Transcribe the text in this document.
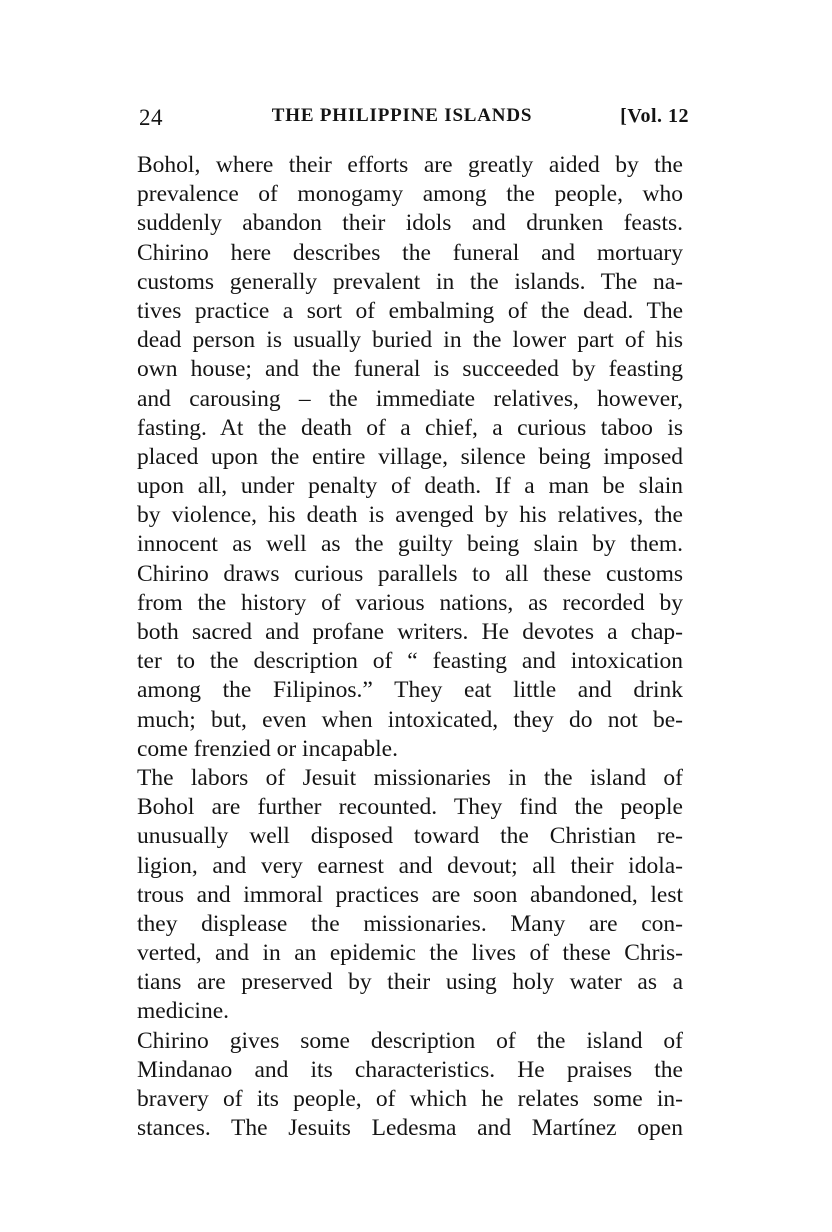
24	THE PHILIPPINE ISLANDS	[Vol. 12
Bohol, where their efforts are greatly aided by the
prevalence of monogamy among the people, who
suddenly abandon their idols and drunken feasts.
Chirino here describes the funeral and mortuary
customs generally prevalent in the islands. The na-
tives practice a sort of embalming of the dead. The
dead person is usually buried in the lower part of his
own house; and the funeral is succeeded by feasting
and carousing – the immediate relatives, however,
fasting. At the death of a chief, a curious taboo is
placed upon the entire village, silence being imposed
upon all, under penalty of death. If a man be slain
by violence, his death is avenged by his relatives, the
innocent as well as the guilty being slain by them.
Chirino draws curious parallels to all these customs
from the history of various nations, as recorded by
both sacred and profane writers. He devotes a chap-
ter to the description of “ feasting and intoxication
among the Filipinos.” They eat little and drink
much; but, even when intoxicated, they do not be-
come frenzied or incapable.
The labors of Jesuit missionaries in the island of
Bohol are further recounted. They find the people
unusually well disposed toward the Christian re-
ligion, and very earnest and devout; all their idola-
trous and immoral practices are soon abandoned, lest
they displease the missionaries. Many are con-
verted, and in an epidemic the lives of these Chris-
tians are preserved by their using holy water as a
medicine.
Chirino gives some description of the island of
Mindanao and its characteristics. He praises the
bravery of its people, of which he relates some in-
stances. The Jesuits Ledesma and Martínez open
